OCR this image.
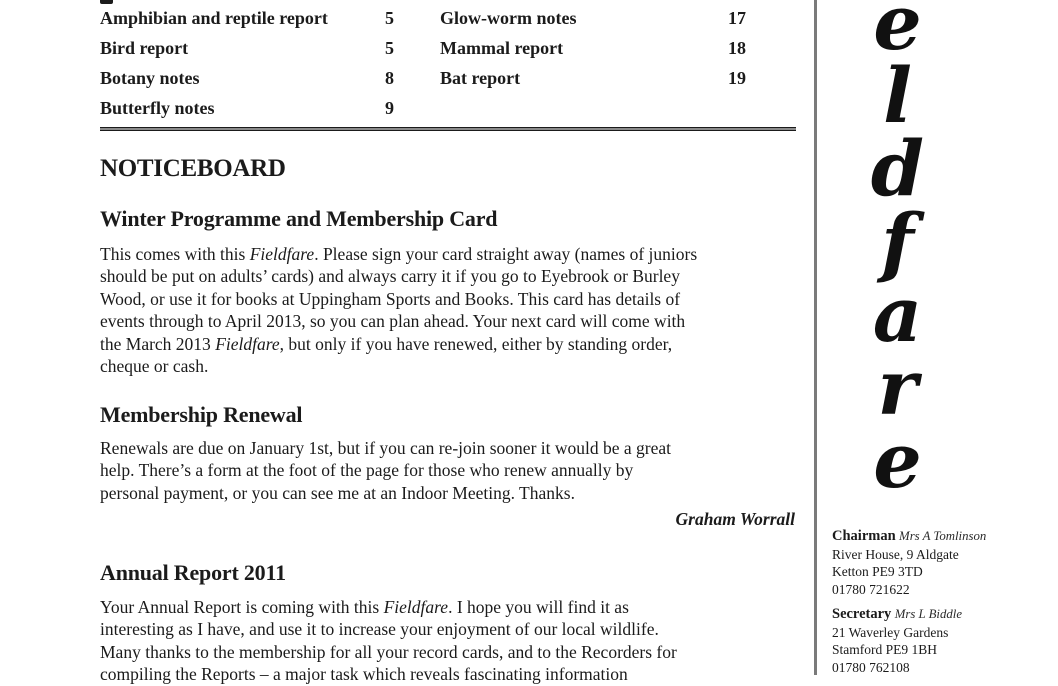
Amphibian and reptile report	5
Bird report	5
Botany notes	8
Butterfly notes	9
Glow-worm notes	17
Mammal report	18
Bat report	19
NOTICEBOARD
Winter Programme and Membership Card
This comes with this Fieldfare. Please sign your card straight away (names of juniors
should be put on adults’ cards) and always carry it if you go to Eyebrook or Burley
Wood, or use it for books at Uppingham Sports and Books. This card has details of
events through to April 2013, so you can plan ahead. Your next card will come with
the March 2013 Fieldfare, but only if you have renewed, either by standing order,
cheque or cash.
Membership Renewal
Renewals are due on January 1st, but if you can re-join sooner it would be a great
help. There’s a form at the foot of the page for those who renew annually by
personal payment, or you can see me at an Indoor Meeting. Thanks.
Graham Worrall
Annual Report 2011
Your Annual Report is coming with this Fieldfare. I hope you will find it as
interesting as I have, and use it to increase your enjoyment of our local wildlife.
Many thanks to the membership for all your record cards, and to the Recorders for
compiling the Reports – a major task which reveals fascinating information
e
l
d
f
a
r
e
Chairman Mrs A Tomlinson
River House, 9 Aldgate
Ketton PE9 3TD
01780 721622
Secretary Mrs L Biddle
21 Waverley Gardens
Stamford PE9 1BH
01780 762108
